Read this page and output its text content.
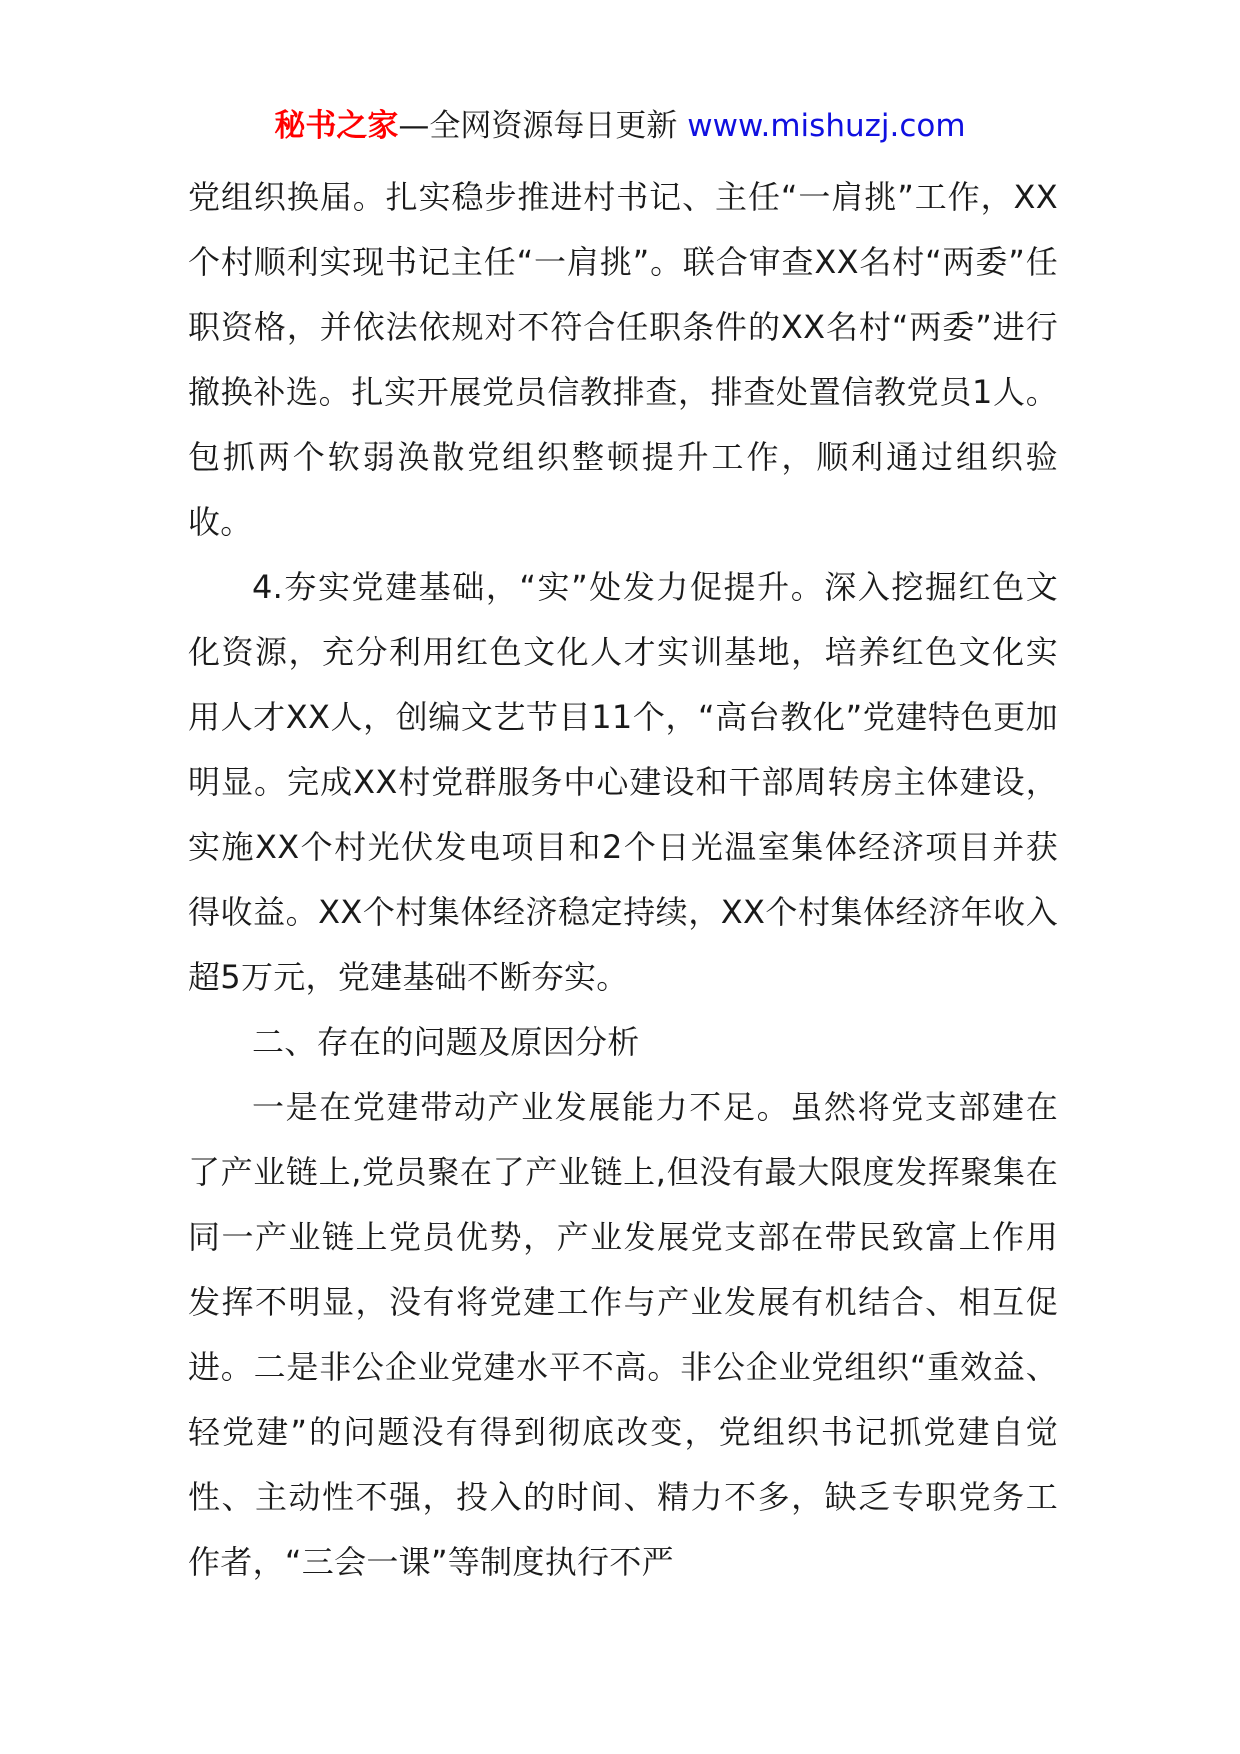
秘书之家—全网资源每日更新 www.mishuzj.com

党组织换届。扎实稳步推进村书记、主任“一肩挑”工作，XX个村顺利实现书记主任“一肩挑”。联合审查XX名村“两委”任职资格，并依法依规对不符合任职条件的XX名村“两委”进行撤换补选。扎实开展党员信教排查，排查处置信教党员1人。包抓两个软弱涣散党组织整顿提升工作，顺利通过组织验收。

4.夯实党建基础，“实”处发力促提升。深入挖掘红色文化资源，充分利用红色文化人才实训基地，培养红色文化实用人才XX人，创编文艺节目11个，“高台教化”党建特色更加明显。完成XX村党群服务中心建设和干部周转房主体建设，实施XX个村光伏发电项目和2个日光温室集体经济项目并获得收益。XX个村集体经济稳定持续，XX个村集体经济年收入超5万元，党建基础不断夯实。

二、存在的问题及原因分析

一是在党建带动产业发展能力不足。虽然将党支部建在了产业链上,党员聚在了产业链上,但没有最大限度发挥聚集在同一产业链上党员优势，产业发展党支部在带民致富上作用发挥不明显，没有将党建工作与产业发展有机结合、相互促进。二是非公企业党建水平不高。非公企业党组织“重效益、轻党建”的问题没有得到彻底改变，党组织书记抓党建自觉性、主动性不强，投入的时间、精力不多，缺乏专职党务工作者，“三会一课”等制度执行不严
